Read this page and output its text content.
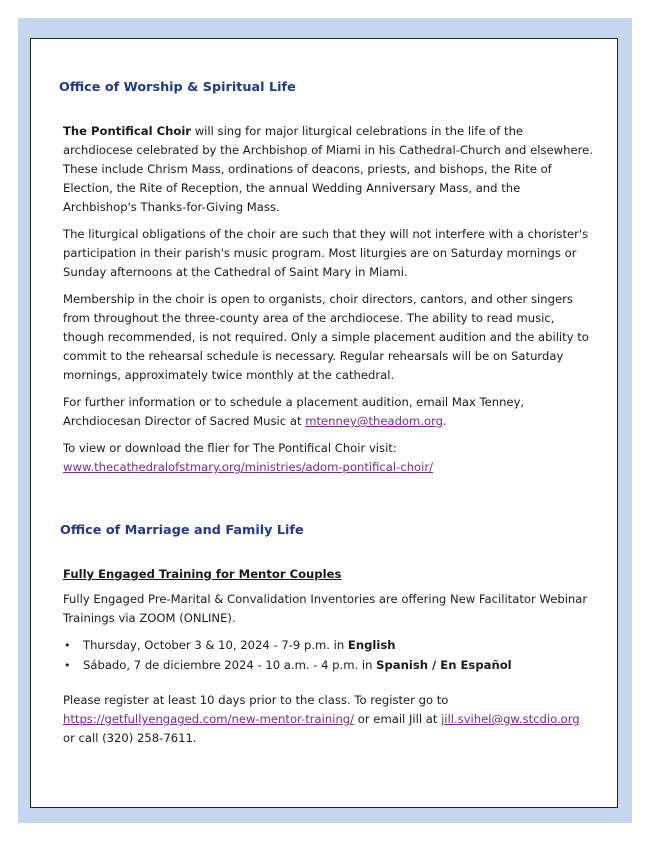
Office of Worship & Spiritual Life

The Pontifical Choir will sing for major liturgical celebrations in the life of the archdiocese celebrated by the Archbishop of Miami in his Cathedral-Church and elsewhere. These include Chrism Mass, ordinations of deacons, priests, and bishops, the Rite of Election, the Rite of Reception, the annual Wedding Anniversary Mass, and the Archbishop's Thanks-for-Giving Mass.

The liturgical obligations of the choir are such that they will not interfere with a chorister's participation in their parish's music program. Most liturgies are on Saturday mornings or Sunday afternoons at the Cathedral of Saint Mary in Miami.

Membership in the choir is open to organists, choir directors, cantors, and other singers from throughout the three-county area of the archdiocese. The ability to read music, though recommended, is not required. Only a simple placement audition and the ability to commit to the rehearsal schedule is necessary. Regular rehearsals will be on Saturday mornings, approximately twice monthly at the cathedral.

For further information or to schedule a placement audition, email Max Tenney, Archdiocesan Director of Sacred Music at mtenney@theadom.org.

To view or download the flier for The Pontifical Choir visit: www.thecathedralofstmary.org/ministries/adom-pontifical-choir/

Office of Marriage and Family Life
Fully Engaged Training for Mentor Couples

Fully Engaged Pre-Marital & Convalidation Inventories are offering New Facilitator Webinar Trainings via ZOOM (ONLINE).

• Thursday, October 3 & 10, 2024 - 7-9 p.m. in English
• Sábado, 7 de diciembre 2024 - 10 a.m. - 4 p.m. in Spanish / En Español

Please register at least 10 days prior to the class. To register go to https://getfullyengaged.com/new-mentor-training/ or email Jill at jill.svihel@gw.stcdio.org or call (320) 258-7611.
